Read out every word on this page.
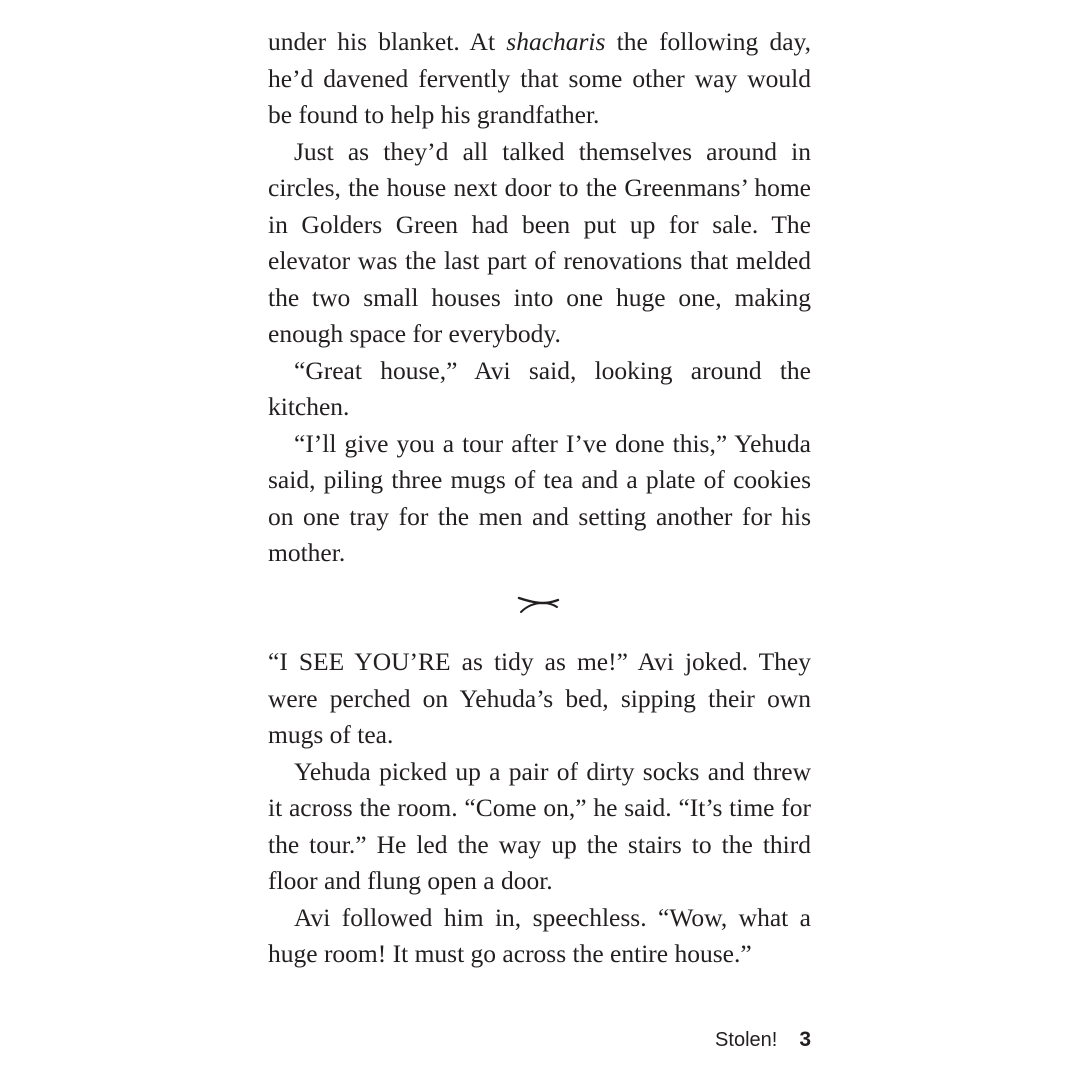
under his blanket. At shacharis the following day, he’d davened fervently that some other way would be found to help his grandfather.

Just as they’d all talked themselves around in circles, the house next door to the Greenmans’ home in Golders Green had been put up for sale. The elevator was the last part of renovations that melded the two small houses into one huge one, making enough space for everybody.

“Great house,” Avi said, looking around the kitchen.

“I’ll give you a tour after I’ve done this,” Yehuda said, piling three mugs of tea and a plate of cookies on one tray for the men and setting another for his mother.

“I SEE YOU’RE as tidy as me!” Avi joked. They were perched on Yehuda’s bed, sipping their own mugs of tea.

Yehuda picked up a pair of dirty socks and threw it across the room. “Come on,” he said. “It’s time for the tour.” He led the way up the stairs to the third floor and flung open a door.

Avi followed him in, speechless. “Wow, what a huge room! It must go across the entire house.”

Stolen! 3
